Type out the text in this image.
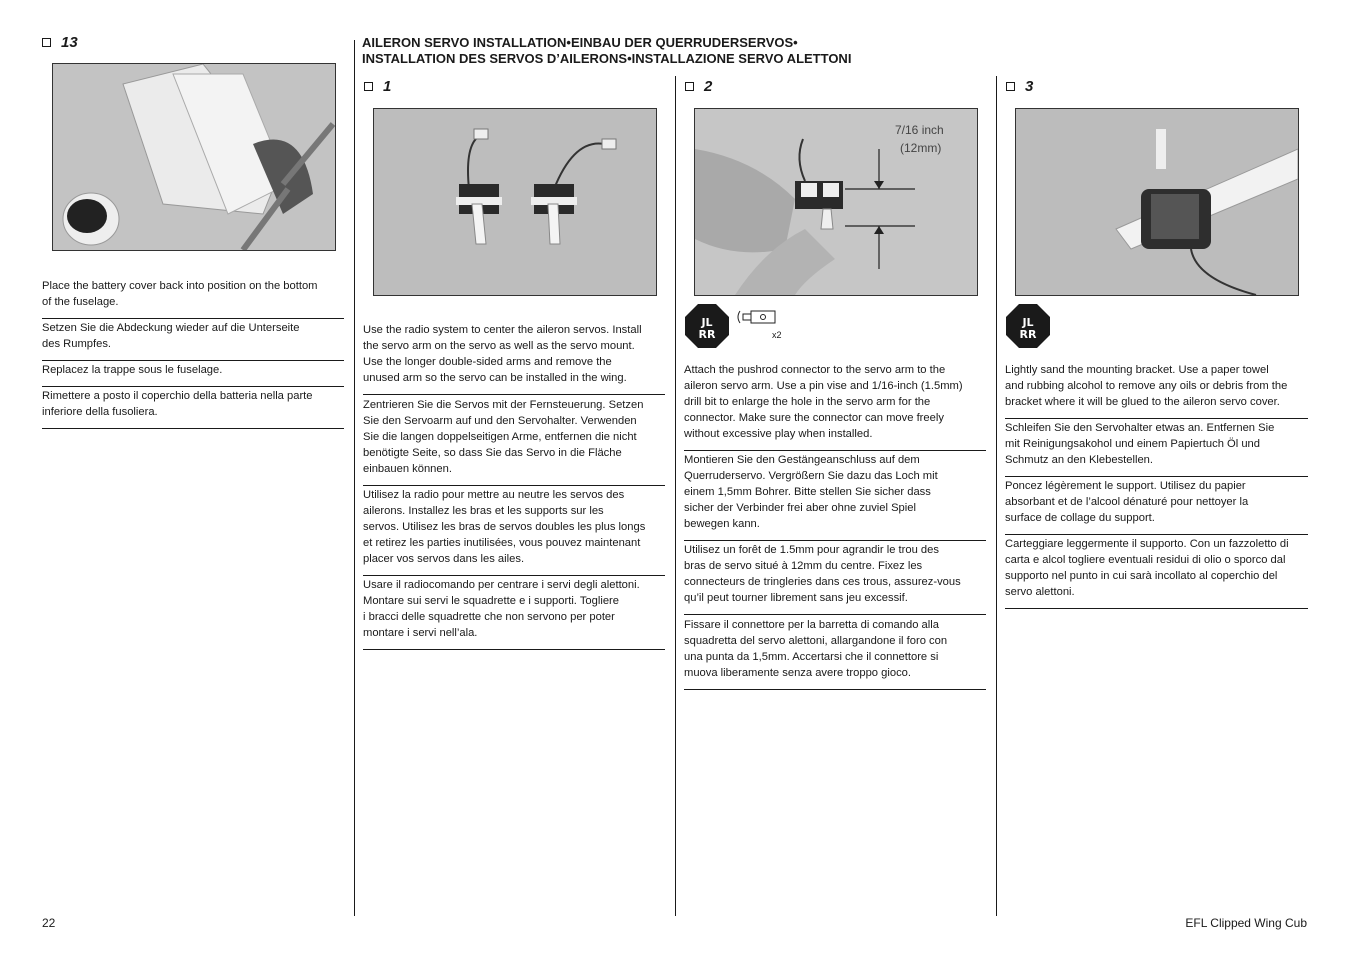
13
Place the battery cover back into position on the bottom
of the fuselage.
Setzen Sie die Abdeckung wieder auf die Unterseite
des Rumpfes.
Replacez la trappe sous le fuselage.
Rimettere a posto il coperchio della batteria nella parte
inferiore della fusoliera.
AILERON SERVO INSTALLATION•EINBAU DER QUERRUDERSERVOS•
INSTALLATION DES SERVOS D’AILERONS•INSTALLAZIONE SERVO ALETTONI
1
Use the radio system to center the aileron servos. Install
the servo arm on the servo as well as the servo mount.
Use the longer double-sided arms and remove the
unused arm so the servo can be installed in the wing.
Zentrieren Sie die Servos mit der Fernsteuerung. Setzen
Sie den Servoarm auf und den Servohalter. Verwenden
Sie die langen doppelseitigen Arme, entfernen die nicht
benötigte Seite, so dass Sie das Servo in die Fläche
einbauen können.
Utilisez la radio pour mettre au neutre les servos des
ailerons. Installez les bras et les supports sur les
servos. Utilisez les bras de servos doubles les plus longs
et retirez les parties inutilisées, vous pouvez maintenant
placer vos servos dans les ailes.
Usare il radiocomando per centrare i servi degli alettoni.
Montare sui servi le squadrette e i supporti. Togliere
i bracci delle squadrette che non servono per poter
montare i servi nell’ala.
2
7/16 inch
(12mm)
JL
RR	x2
Attach the pushrod connector to the servo arm to the
aileron servo arm. Use a pin vise and 1/16-inch (1.5mm)
drill bit to enlarge the hole in the servo arm for the
connector. Make sure the connector can move freely
without excessive play when installed.
Montieren Sie den Gestängeanschluss auf dem
Querruderservo. Vergrößern Sie dazu das Loch mit
einem 1,5mm Bohrer. Bitte stellen Sie sicher dass
sicher der Verbinder frei aber ohne zuviel Spiel
bewegen kann.
Utilisez un forêt de 1.5mm pour agrandir le trou des
bras de servo situé à 12mm du centre. Fixez les
connecteurs de tringleries dans ces trous, assurez-vous
qu’il peut tourner librement sans jeu excessif.
Fissare il connettore per la barretta di comando alla
squadretta del servo alettoni, allargandone il foro con
una punta da 1,5mm. Accertarsi che il connettore si
muova liberamente senza avere troppo gioco.
3
JL
RR
Lightly sand the mounting bracket. Use a paper towel
and rubbing alcohol to remove any oils or debris from the
bracket where it will be glued to the aileron servo cover.
Schleifen Sie den Servohalter etwas an. Entfernen Sie
mit Reinigungsakohol und einem Papiertuch Öl und
Schmutz an den Klebestellen.
Poncez légèrement le support. Utilisez du papier
absorbant et de l’alcool dénaturé pour nettoyer la
surface de collage du support.
Carteggiare leggermente il supporto. Con un fazzoletto di
carta e alcol togliere eventuali residui di olio o sporco dal
supporto nel punto in cui sarà incollato al coperchio del
servo alettoni.
22	EFL Clipped Wing Cub
